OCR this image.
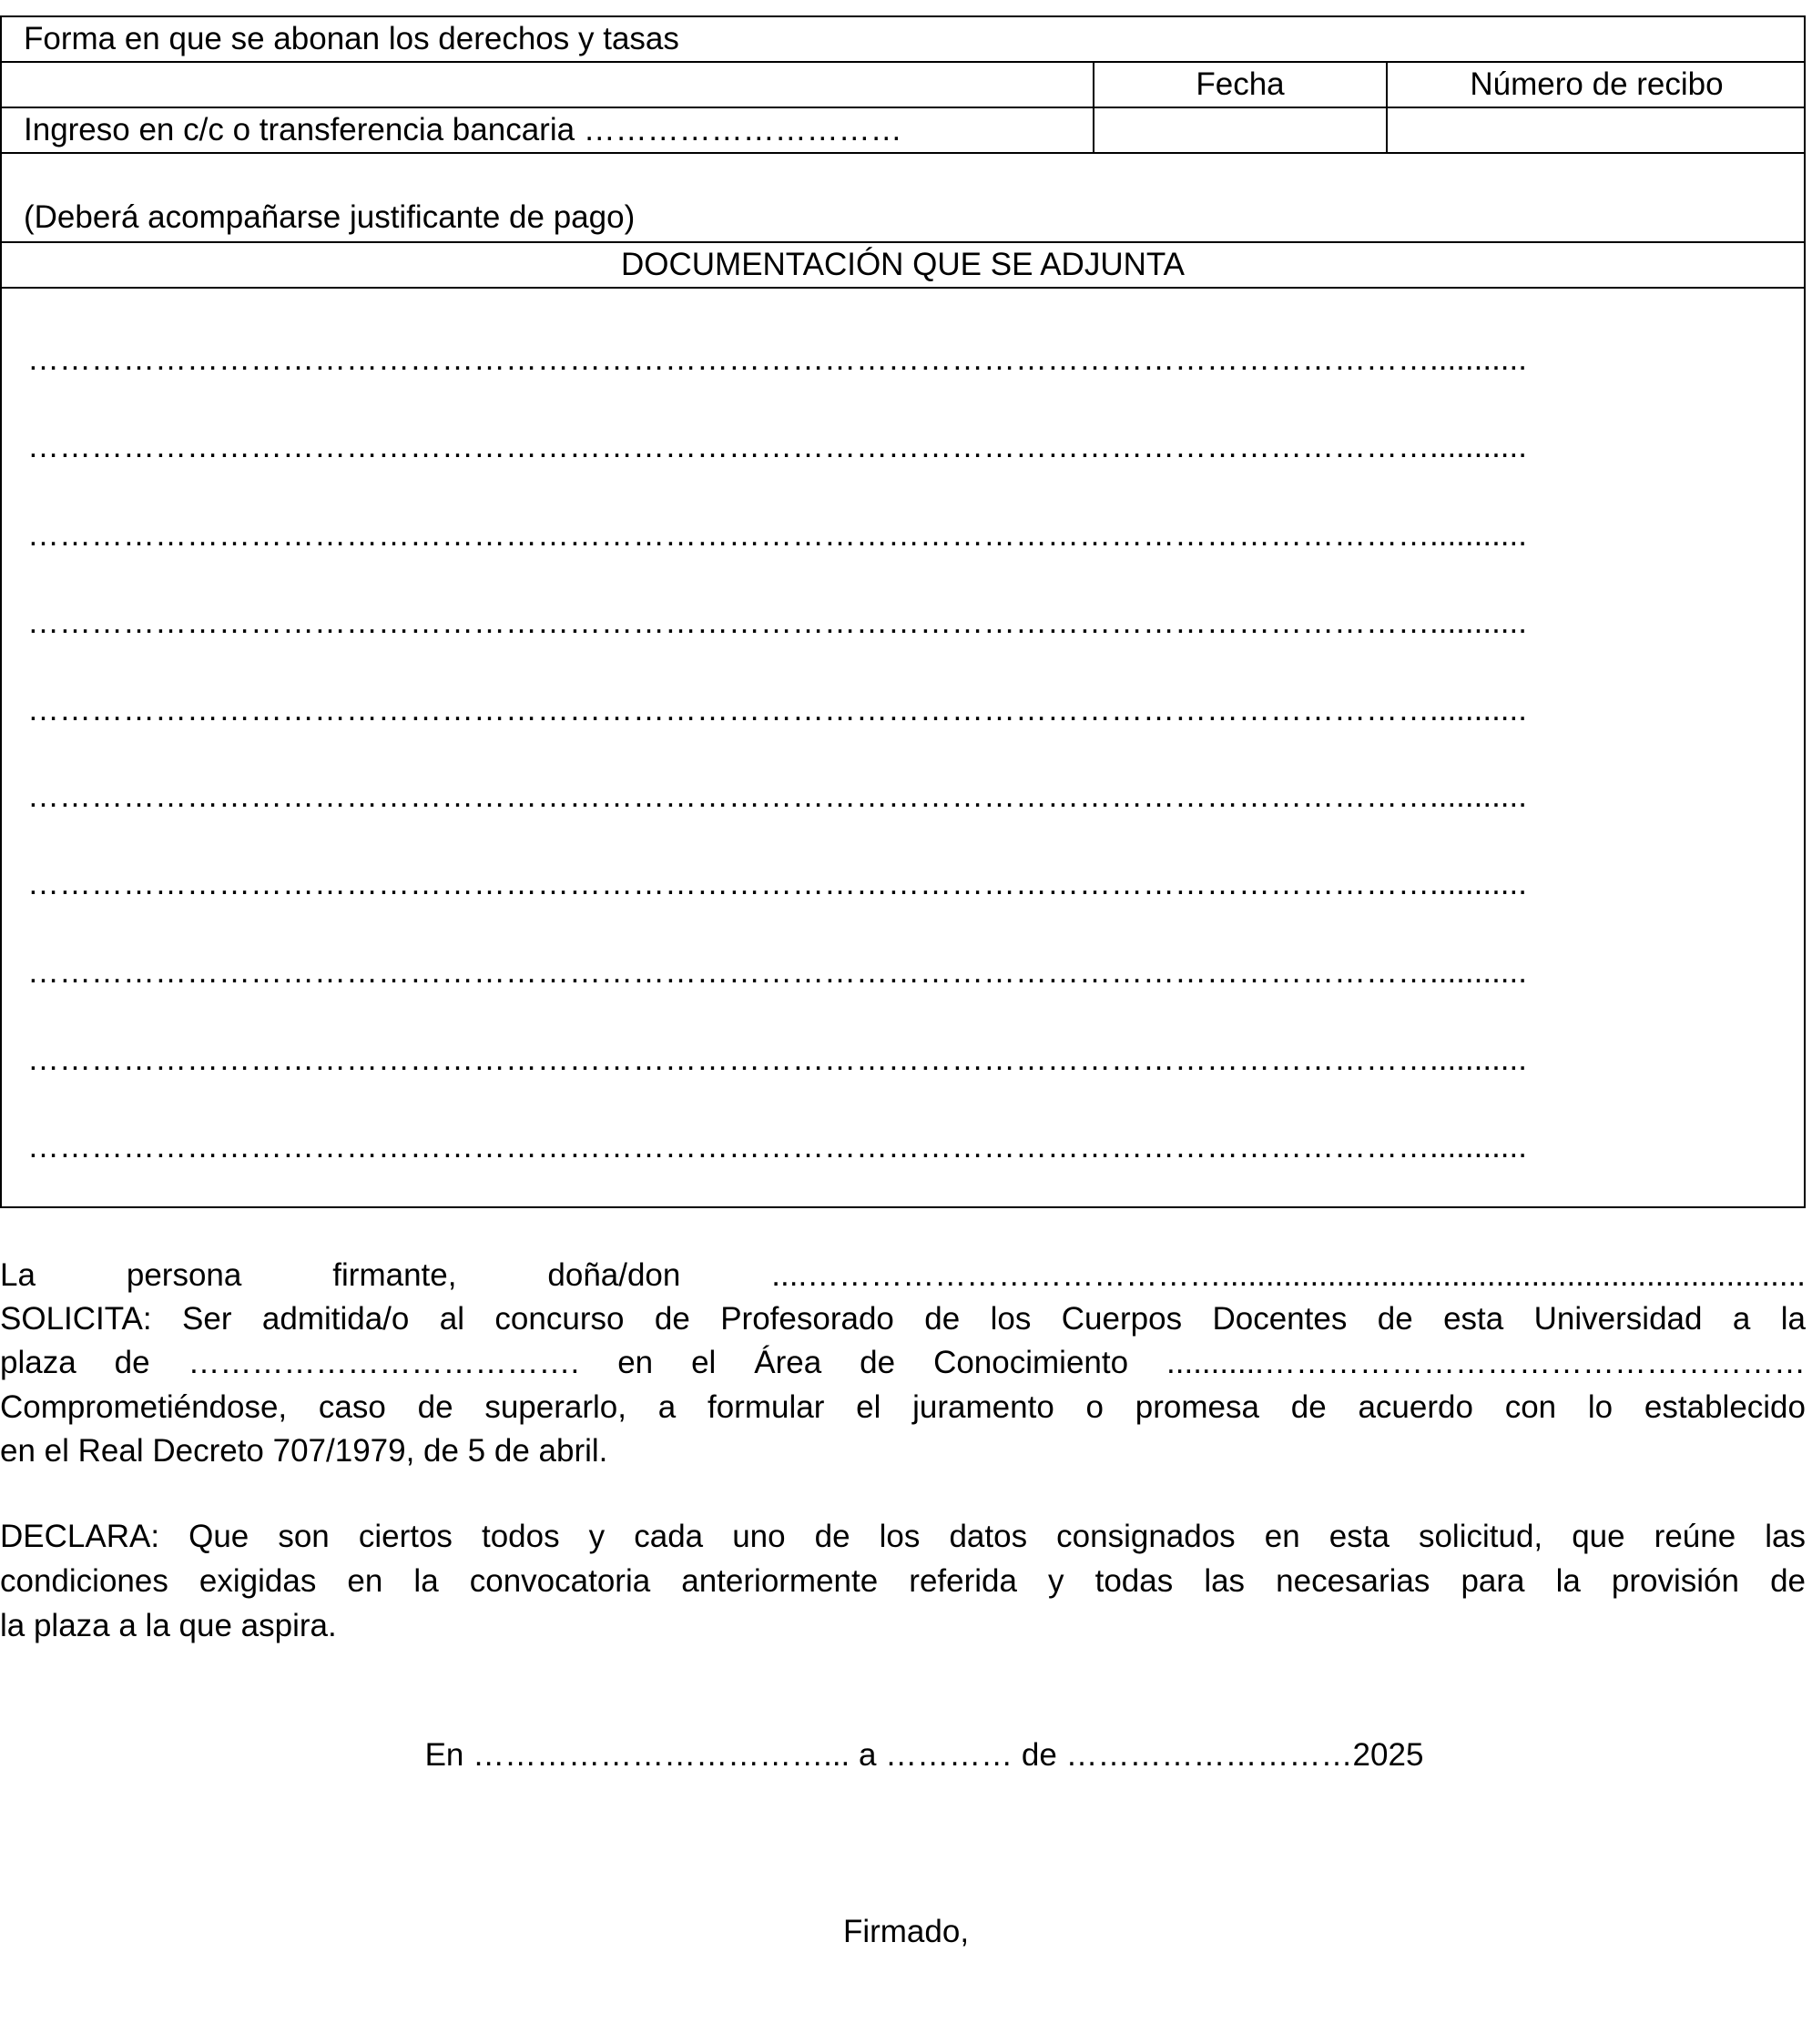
Forma en que se abonan los derechos y tasas
Fecha	Número de recibo
Ingreso en c/c o transferencia bancaria …………………………
(Deberá acompañarse justificante de pago)
DOCUMENTACIÓN QUE SE ADJUNTA
……………………………………………………………………………………………………………………...........
……………………………………………………………………………………………………………………...........
……………………………………………………………………………………………………………………...........
……………………………………………………………………………………………………………………...........
……………………………………………………………………………………………………………………...........
……………………………………………………………………………………………………………………...........
……………………………………………………………………………………………………………………...........
……………………………………………………………………………………………………………………...........
……………………………………………………………………………………………………………………...........
……………………………………………………………………………………………………………………...........
La persona firmante, doña/don ....…………………………………..................................................................
SOLICITA: Ser admitida/o al concurso de Profesorado de los Cuerpos Docentes de esta Universidad a la
plaza de ………………………………. en el Área de Conocimiento ...........……………………………………………
Comprometiéndose, caso de superarlo, a formular el juramento o promesa de acuerdo con lo establecido
en el Real Decreto 707/1979, de 5 de abril.
DECLARA: Que son ciertos todos y cada uno de los datos consignados en esta solicitud, que reúne las
condiciones exigidas en la convocatoria anteriormente referida y todas las necesarias para la provisión de
la plaza a la que aspira.
En ……………………………... a ………… de ………………………2025
Firmado,
